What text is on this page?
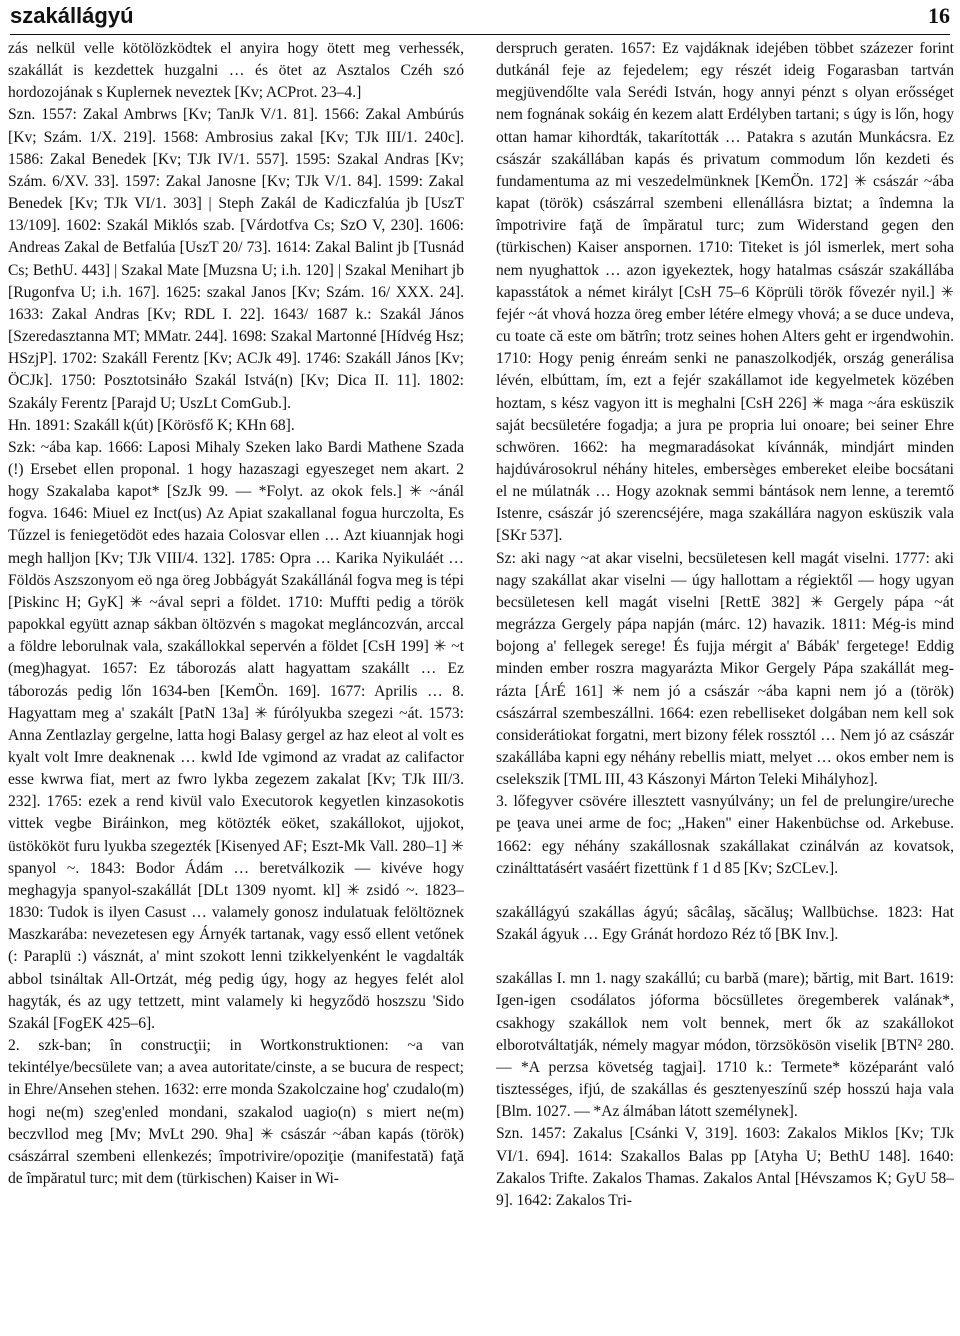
szakállágyú	16

zás nelkül velle kötölözködtek el anyira hogy ötett meg verhessék, szakállát is kezdettek huzgalni … és ötet az Asztalos Czéh szó hordozojának s Kuplernek neveztek [Kv; ACProt. 23–4.]

Szn. 1557: Zakal Ambrws [Kv; TanJk V/1. 81]. 1566: Zakal Ambúrús [Kv; Szám. 1/X. 219]. 1568: Ambrosius zakal [Kv; TJk III/1. 240c]. 1586: Zakal Benedek [Kv; TJk IV/1. 557]. 1595: Szakal Andras [Kv; Szám. 6/XV. 33]. 1597: Zakal Janosne [Kv; TJk V/1. 84]. 1599: Zakal Benedek [Kv; TJk VI/1. 303] | Steph Zakál de Kadiczfalúa jb [UszT 13/109]. 1602: Szakál Miklós szab. [Várdotfva Cs; SzO V, 230]. 1606: Andreas Zakal de Betfalúa [UszT 20/ 73]. 1614: Zakal Balint jb [Tusnád Cs; BethU. 443] | Szakal Mate [Muzsna U; i.h. 120] | Szakal Menihart jb [Rugonfva U; i.h. 167]. 1625: szakal Janos [Kv; Szám. 16/ XXX. 24]. 1633: Zakal Andras [Kv; RDL I. 22]. 1643/ 1687 k.: Szakál János [Szeredasztanna MT; MMatr. 244]. 1698: Szakal Martonné [Hídvég Hsz; HSzjP]. 1702: Szakáll Ferentz [Kv; ACJk 49]. 1746: Szakáll János [Kv; ÖCJk]. 1750: Posztotsináło Szakál Istvá(n) [Kv; Dica II. 11]. 1802: Szakály Ferentz [Parajd U; UszLt ComGub.].

Hn. 1891: Szakáll k(út) [Körösfő K; KHn 68].

Szk: ~ába kap. 1666: Laposi Mihaly Szeken lako Bardi Mathene Szada (!) Ersebet ellen proponal. 1 hogy hazaszagi egyeszeget nem akart. 2 hogy Szakalaba kapot* [SzJk 99. — *Folyt. az okok fels.] ✳ ~ánál fogva. 1646: Miuel ez Inct(us) Az Apiat szakallanal fogua hurczolta, Es Tűzzel is feniegetödöt edes hazaia Colosvar ellen … Azt kiuannjak hogi megh halljon [Kv; TJk VIII/4. 132]. 1785: Opra … Karika Nyikuláét … Földös Aszszonyom eö nga öreg Jobbágyát Szakállánál fogva meg is tépi [Piskinc H; GyK] ✳ ~ával sepri a földet. 1710: Muffti pedig a török papokkal együtt aznap sákban öltözvén s magokat megláncozván, arccal a földre leborulnak vala, szakállokkal sepervén a földet [CsH 199] ✳ ~t (meg)hagyat. 1657: Ez táborozás alatt hagyattam szakállt … Ez táborozás pedig lőn 1634-ben [KemÖn. 169]. 1677: Aprilis … 8. Hagyattam meg a' szakált [PatN 13a] ✳ fúrólyukba szegezi ~át. 1573: Anna Zentlazlay gergelne, latta hogi Balasy gergel az haz eleot al volt es kyalt volt Imre deaknenak … kwld Ide vgimond az vradat az califactor esse kwrwa fiat, mert az fwro lykba zegezem zakalat [Kv; TJk III/3. 232]. 1765: ezek a rend kivül valo Executorok kegyetlen kinzasokotis vittek vegbe Biráinkon, meg kötözték eöket, szakállokot, ujjokot, üstökököt furu lyukba szegezték [Kisenyed AF; Eszt-Mk Vall. 280–1] ✳ spanyol ~. 1843: Bodor Ádám … beretválkozik — kivéve hogy meghagyja spanyol-szakállát [DLt 1309 nyomt. kl] ✳ zsidó ~. 1823–1830: Tudok is ilyen Casust … valamely gonosz indulatuak felöltöznek Maszkarába: nevezetesen egy Árnyék tartanak, vagy esső ellent vetőnek (: Paraplü :) vásznát, a' mint szokott lenni tzikkelyenként le vagdalták abbol tsináltak All-Ortzát, még pedig úgy, hogy az hegyes felét alol hagyták, és az ugy tettzett, mint valamely ki hegyződö hoszszu 'Sido Szakál [FogEK 425–6].

2. szk-ban; în construcţii; in Wortkonstruktionen: ~a van tekintélye/becsülete van; a avea autoritate/cinste, a se bucura de respect; in Ehre/Ansehen stehen. 1632: erre monda Szakolczaine hog' czudalo(m) hogi ne(m) szeg'enled mondani, szakalod uagio(n) s miert ne(m) beczvllod meg [Mv; MvLt 290. 9ha] ✳ császár ~ában kapás (török) császárral szembeni ellenkezés; împotrivire/opoziţie (manifestată) faţă de împăratul turc; mit dem (türkischen) Kaiser in Wi-

derspruch geraten. 1657: Ez vajdáknak idejében többet százezer forint dutkánál feje az fejedelem; egy részét ideig Fogarasban tartván megjüvendőlte vala Serédi István, hogy annyi pénzt s olyan erősséget nem fognának sokáig én kezem alatt Erdélyben tartani; s úgy is lőn, hogy ottan hamar kihordták, takarították … Patakra s azután Munkácsra. Ez császár szakállában kapás és privatum commodum lőn kezdeti és fundamentuma az mi veszedelmünknek [KemÖn. 172] ✳ császár ~ába kapat (török) császárral szembeni ellenállásra biztat; a îndemna la împotrivire faţă de împăratul turc; zum Widerstand gegen den (türkischen) Kaiser anspornen. 1710: Titeket is jól ismerlek, mert soha nem nyughattok … azon igyekeztek, hogy hatalmas császár szakállába kapasstátok a német királyt [CsH 75–6 Köprüli török fővezér nyil.] ✳ fejér ~át vhová hozza öreg ember létére elmegy vhová; a se duce undeva, cu toate că este om bătrîn; trotz seines hohen Alters geht er irgendwohin. 1710: Hogy penig énreám senki ne panaszolkodjék, ország generálisa lévén, elbúttam, ím, ezt a fejér szakállamot ide kegyelmetek közében hoztam, s kész vagyon itt is meghalni [CsH 226] ✳ maga ~ára esküszik saját becsületére fogadja; a jura pe propria lui onoare; bei seiner Ehre schwören. 1662: ha megmaradásokat kívánnák, mindjárt minden hajdúvárosokrul néhány hiteles, embersèges embereket eleibe bocsátani el ne múlatnák … Hogy azoknak semmi bántások nem lenne, a teremtő Istenre, császár jó szerencséjére, maga szakállára nagyon esküszik vala [SKr 537].

Sz: aki nagy ~at akar viselni, becsületesen kell magát viselni. 1777: aki nagy szakállat akar viselni — úgy hallottam a régiektől — hogy ugyan becsületesen kell magát viselni [RettE 382] ✳ Gergely pápa ~át megrázza Gergely pápa napján (márc. 12) havazik. 1811: Még-is mind bojong a' fellegek serege! És fujja mérgit a' Bábák' fergetege! Eddig minden ember roszra magyarázta Mikor Gergely Pápa szakállát meg-rázta [ÁrÉ 161] ✳ nem jó a császár ~ába kapni nem jó a (török) császárral szembeszállni. 1664: ezen rebelliseket dolgában nem kell sok considerátiokat forgatni, mert bizony félek rossztól … Nem jó az császár szakállába kapni egy néhány rebellis miatt, melyet … okos ember nem is cselekszik [TML III, 43 Kászonyi Márton Teleki Mihályhoz].

3. lőfegyver csövére illesztett vasnyúlvány; un fel de prelungire/ureche pe ţeava unei arme de foc; „Haken" einer Hakenbüchse od. Arkebuse. 1662: egy néhány szakállosnak szakállakat czinálván az kovatsok, czinálttatásért vasáért fizettünk f 1 d 85 [Kv; SzCLev.].

szakállágyú szakállas ágyú; sâcâlaş, săcăluş; Wallbüchse. 1823: Hat Szakál ágyuk … Egy Gránát hordozo Réz tő [BK Inv.].

szakállas I. mn 1. nagy szakállú; cu barbă (mare); bărtig, mit Bart. 1619: Igen-igen csodálatos jóforma böcsülletes öregemberek valának*, csakhogy szakállok nem volt bennek, mert ők az szakállokot elborotváltatják, némely magyar módon, törzsökösön viselik [BTN² 280. — *A perzsa követség tagjai]. 1710 k.: Termete* középaránt való tisztességes, ifjú, de szakállas és gesztenyeszínű szép hosszú haja vala [Blm. 1027. — *Az álmában látott személynek].

Szn. 1457: Zakalus [Csánki V, 319]. 1603: Zakalos Miklos [Kv; TJk VI/1. 694]. 1614: Szakallos Balas pp [Atyha U; BethU 148]. 1640: Zakalos Trifte. Zakalos Thamas. Zakalos Antal [Hévszamos K; GyU 58–9]. 1642: Zakalos Tri-
